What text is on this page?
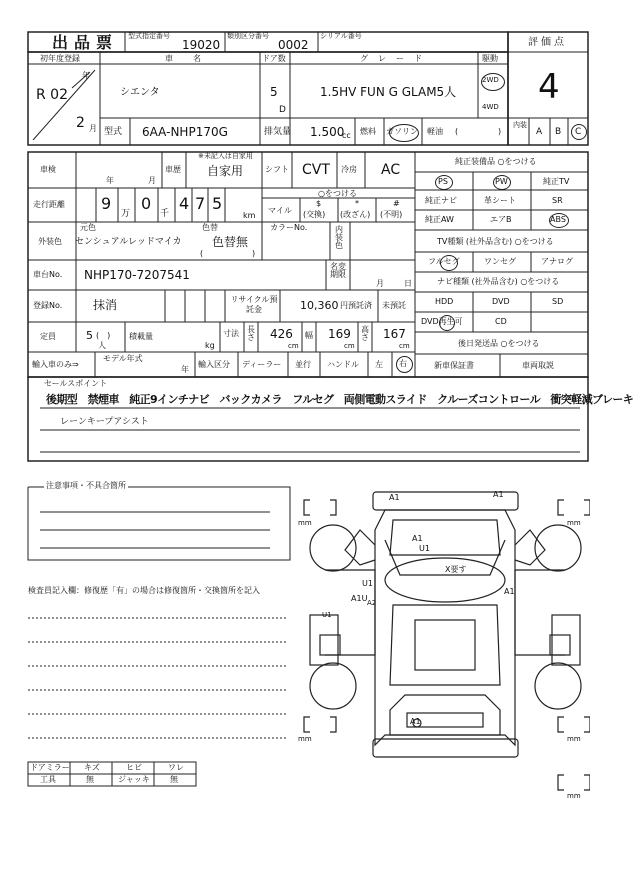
出品票 型式指定番号
19020
類別区分番号
0002
シリアル番号
評価点
4
初年度登録	車名	ドア数	グレード	駆動
年
R 02
2 月
シエンタ	5
D
1.5HV FUN G GLAM5人
2WD
4WD
型式 6AA-NHP170G	排気量 1.500
cc 燃料 ガソリン 軽油 (	)
内装
A B C
車検
年	月
車歴
※未記入は自家用
自家用	シフト CVT 冷房 AC
走行距離 9
万
0
千
4 7 5
km
○をつける
マイル
$
(交換)
*
(改ざん)
#
(不明)
外装色
元色
センシュアルレッドマイカ
色替
色替無
(	)
カラーNo.	内装色
車台No. NHP170-7207541
名変期限
月	日
登録No.	抹消	リサイクル預託金	10,360 円預託済 未預託
定員	5 (　)
人
積載量
kg
寸法	長さ 426
cm
幅 169
cm
高さ 167
cm
輸入車のみ⇒
モデル年式
年
輸入区分 ディーラー 並行 ハンドル 左 右
純正装備品 ○をつける
PS	PW	純正TV
純正ナビ	革シート	SR
純正AW	エアB	ABS
TV種類 (社外品含む) ○をつける
フルセグ	ワンセグ	アナログ
ナビ種類 (社外品含む) ○をつける
HDD	DVD	SD
DVD再生可	CD
後日発送品 ○をつける
新車保証書	車両取説
セールスポイント
後期型　禁煙車　純正9インチナビ　バックカメラ　フルセグ　両側電動スライド　クルーズコントロール　衝突軽減ブレーキ
レーンキープアシスト
注意事項・不具合箇所
検査員記入欄：修復歴「有」の場合は修復箇所・交換箇所を記入
ドアミラー キズ	ヒビ	ワレ
工具	無	ジャッキ	無
mm	mm
mm	mm
mm
A1	A1
A1
U1
X要す
U1
A1U A2
U1
A1
A1
